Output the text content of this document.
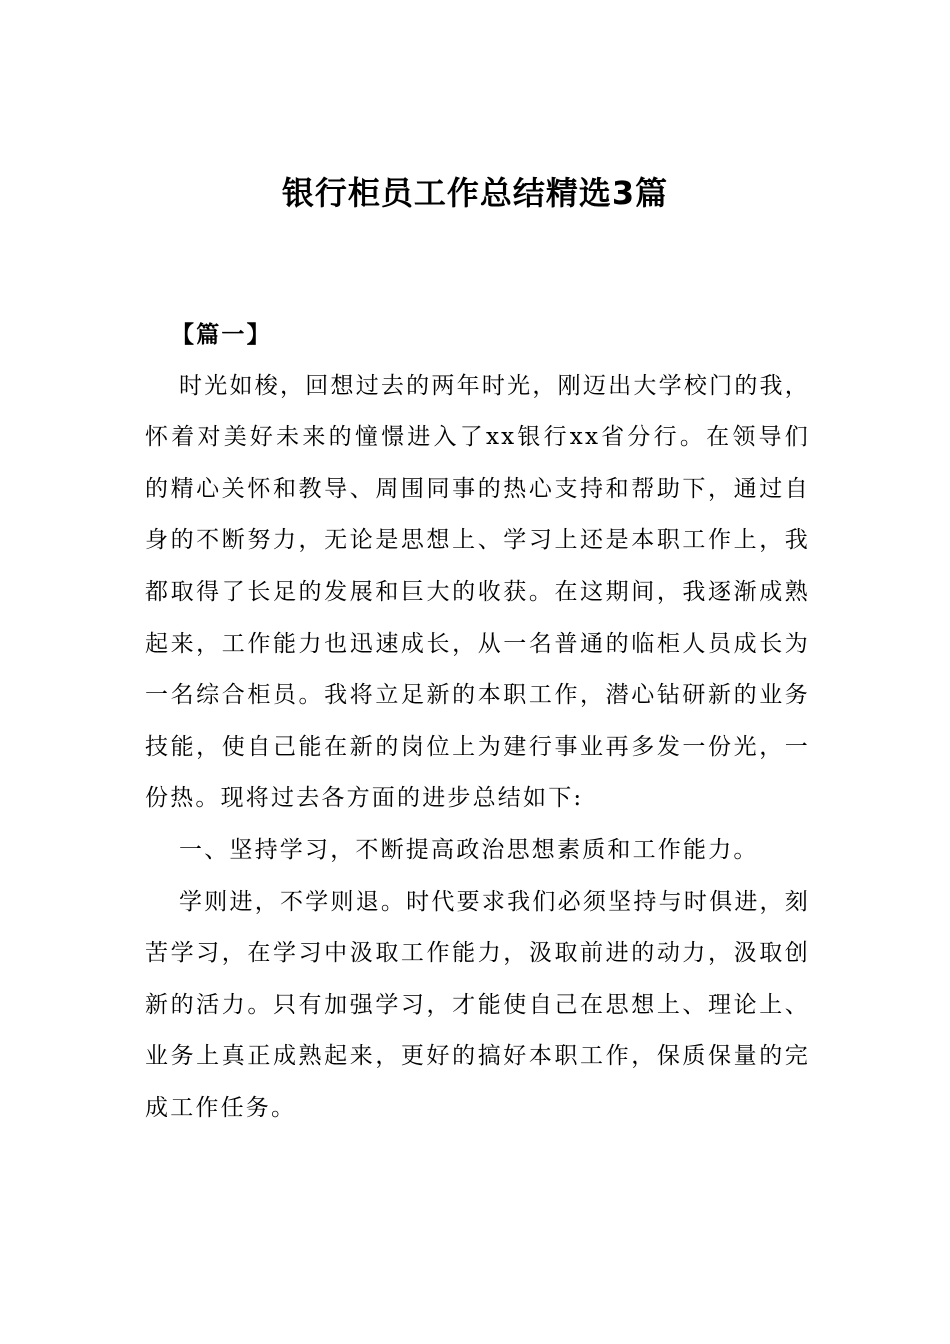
银行柜员工作总结精选3篇

【篇一】

时光如梭，回想过去的两年时光，刚迈出大学校门的我，怀着对美好未来的憧憬进入了xx银行xx省分行。在领导们的精心关怀和教导、周围同事的热心支持和帮助下，通过自身的不断努力，无论是思想上、学习上还是本职工作上，我都取得了长足的发展和巨大的收获。在这期间，我逐渐成熟起来，工作能力也迅速成长，从一名普通的临柜人员成长为一名综合柜员。我将立足新的本职工作，潜心钻研新的业务技能，使自己能在新的岗位上为建行事业再多发一份光，一份热。现将过去各方面的进步总结如下:

一、坚持学习，不断提高政治思想素质和工作能力。

学则进，不学则退。时代要求我们必须坚持与时俱进，刻苦学习，在学习中汲取工作能力，汲取前进的动力，汲取创新的活力。只有加强学习，才能使自己在思想上、理论上、业务上真正成熟起来，更好的搞好本职工作，保质保量的完成工作任务。
